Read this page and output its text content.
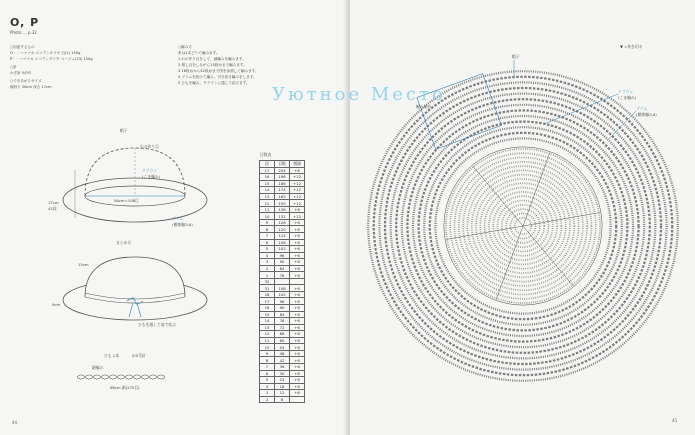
O, P
Photo … p.32
○用意するもの
O・・ハマナカ エコアンダリヤ 白(1) 150g
P・・ハマナカ エコアンダリヤ ベージュ(23) 150g
○針
かぎ針 5/0号
○できあがりサイズ
頭回り 56cm 深さ 17cm
○編み方
糸は1本どりで編みます。
1 わの作り目をして、細編みを編みます。
2 増し目をしながら15段めまで編みます。
3 16段めから42段めまで図を参照して編みます。
4 ブリムを続けて編み、引き抜き編みをします。
5 ひもを編み、クラウンに通して結びます。
帽子
わの作り目
クラウン
(こま編み)
56cm=108目
17cm
42段
ブリム
(模様編みA)
まとめ方
15cm
9cm
ひもを通して前で結ぶ
ひも 1本	5/0号針
鎖編み
98cm 鎖(275目)
目数表
段	目数	増減
17	204	+6
16	198	+12
15	186	+12
14	174	+12
13	162	+12
12	150	+12
11	138	+6
10	132	+12
9	126	+6
8	120	+6
7	114	+6
6	108	+6
5	102	+6
4	96	+6
3	90	+6
2	84	+6
1	78	+6
32		
31	108	+6
18	102	+6
17	96	+6
16	90	+6
15	84	+6
14	78	+6
13	72	+6
12	66	+6
11	60	+6
10	54	+6
9	48	+6
8	42	+6
7	36	+6
6	30	+6
5	24	+6
4	18	+6
3	12	+6
2	6	
44
▼ =糸を切る
帽子
編み始め
クラウン
(こま編み)
ブリム
(模様編みA)
45
Уютное Место
